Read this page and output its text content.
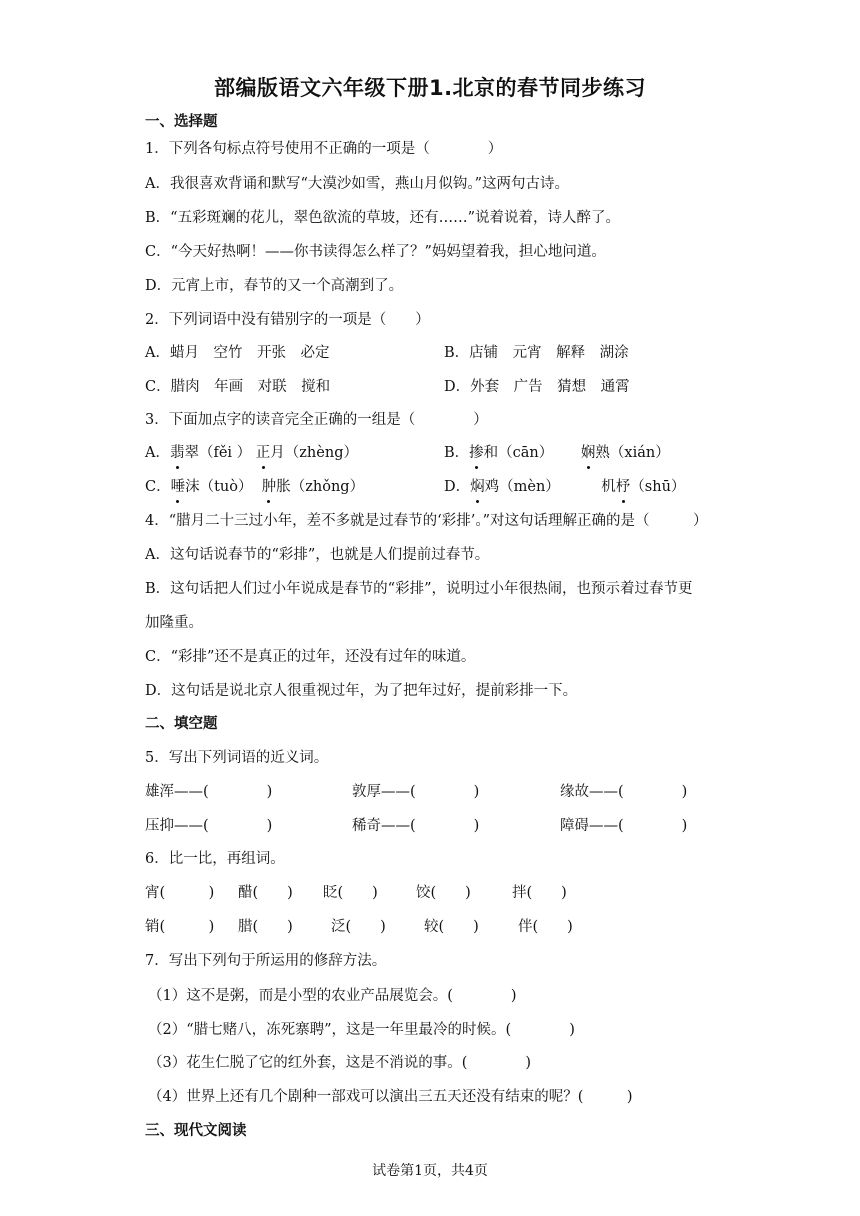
部编版语文六年级下册1.北京的春节同步练习
一、选择题
1．下列各句标点符号使用不正确的一项是（　　　　）
A．我很喜欢背诵和默写“大漠沙如雪，燕山月似钩。”这两句古诗。
B．“五彩斑斓的花儿，翠色欲流的草坡，还有……”说着说着，诗人醉了。
C．“今天好热啊！——你书读得怎么样了？”妈妈望着我，担心地问道。
D．元宵上市，春节的又一个高潮到了。
2．下列词语中没有错别字的一项是（　　）
A．蜡月　空竹　开张　必定	B．店铺　元宵　解释　湖涂
C．腊肉　年画　对联　搅和	D．外套　广告　猜想　通霄
3．下面加点字的读音完全正确的一组是（　　　　）
A．翡翠（fěi ） 正月（zhèng）	B．掺和（cān） 娴熟（xián）
C．唾沫（tuò） 肿胀（zhǒng）	D．焖鸡（mèn）	机杼（shū）
4．“腊月二十三过小年，差不多就是过春节的‘彩排’。”对这句话理解正确的是（　　　）
A．这句话说春节的“彩排”，也就是人们提前过春节。
B．这句话把人们过小年说成是春节的“彩排”，说明过小年很热闹，也预示着过春节更
加隆重。
C．“彩排”还不是真正的过年，还没有过年的味道。
D．这句话是说北京人很重视过年，为了把年过好，提前彩排一下。
二、填空题
5．写出下列词语的近义词。
雄浑——(　　　　)	敦厚——(　　　　)	缘故——(　　　　)
压抑——(　　　　)	稀奇——(　　　　)	障碍——(　　　　)
6．比一比，再组词。
宵(　　　) 醋(　　) 眨(　　)	饺(　　)	拌(　　)
销(　　　) 腊(　　)	泛(　　)	较(　　)	伴(　　)
7．写出下列句于所运用的修辞方法。
（1）这不是粥，而是小型的农业产品展览会。(　　　　)
（2）“腊七赌八，冻死寨聘”，这是一年里最冷的时候。(　　　　)
（3）花生仁脱了它的红外套，这是不消说的事。(　　　　)
（4）世界上还有几个剧种一部戏可以演出三五天还没有结束的呢？(　　　)
三、现代文阅读
试卷第1页，共4页
